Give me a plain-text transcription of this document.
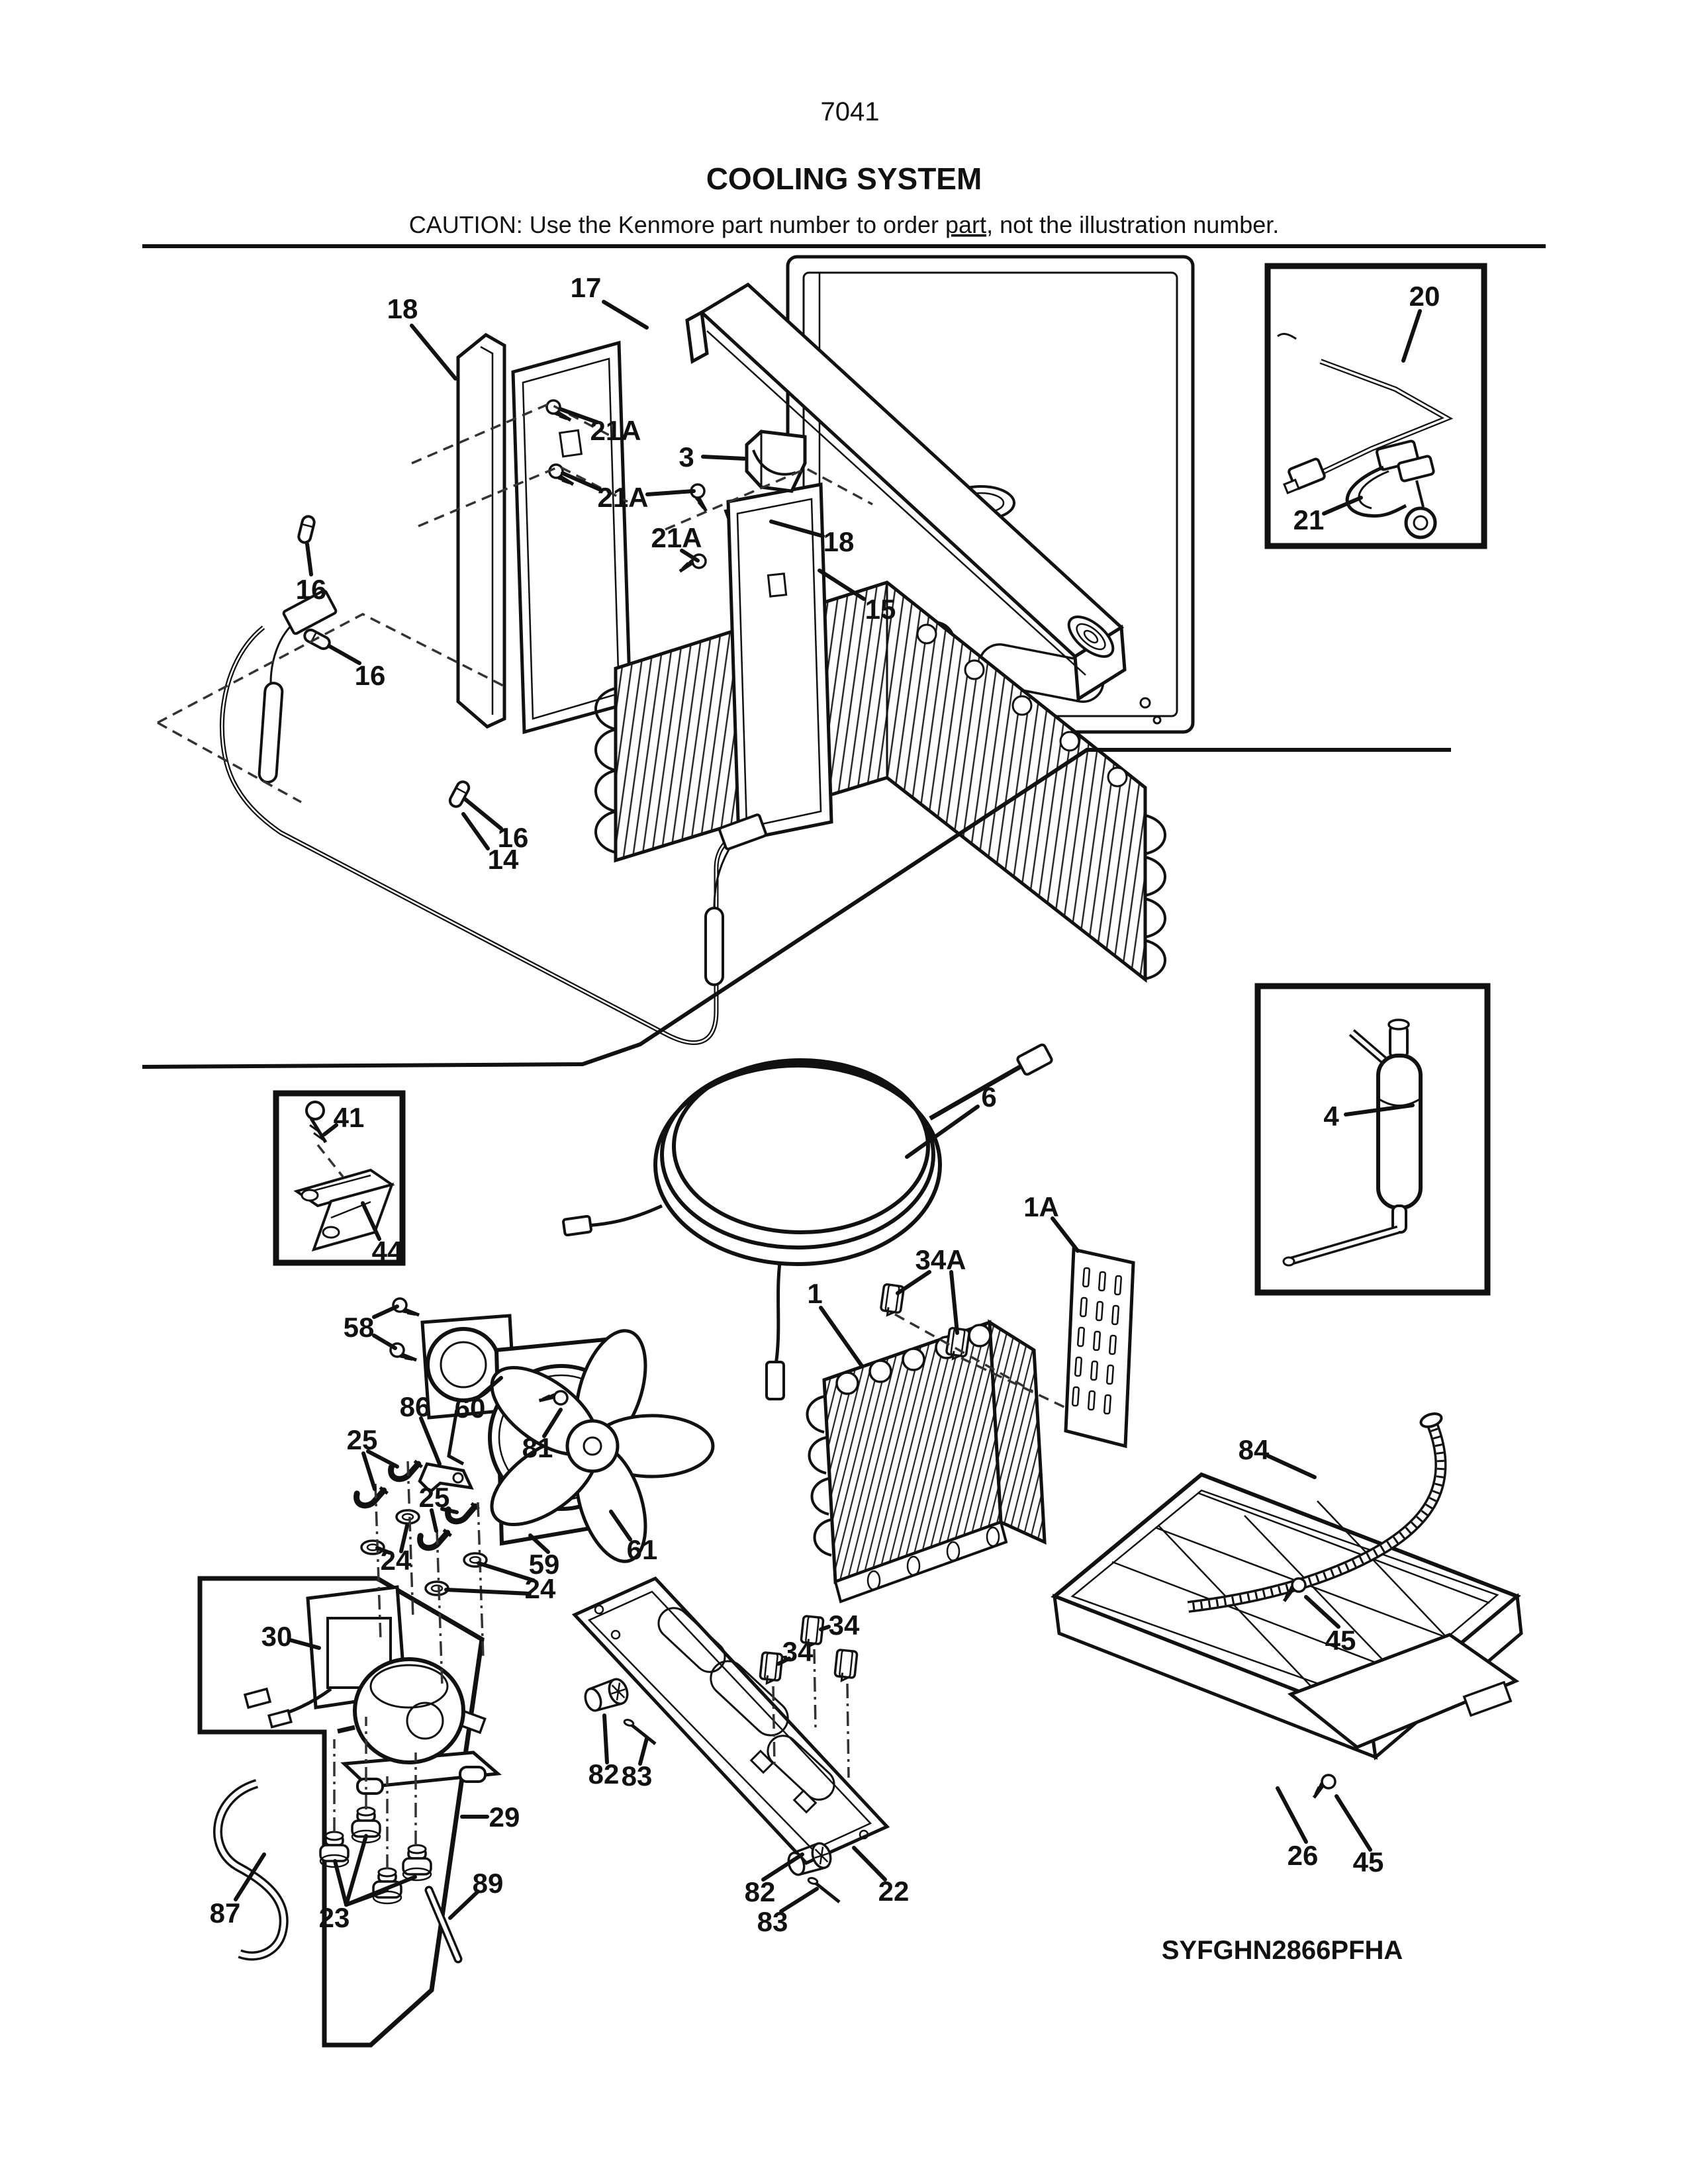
7041
COOLING SYSTEM
CAUTION: Use the Kenmore part number to order part, not the illustration number.
18
17
21A
3
21A
21A	18
15
16
16
16
14
20
21
41
44
6
4
1A
34A
1
58
86 60
25	81
25
24	59 61
24
30	34
34
84
45
82 83
29
87	23
89	82
83
22
26 45
SYFGHN2866PFHA
